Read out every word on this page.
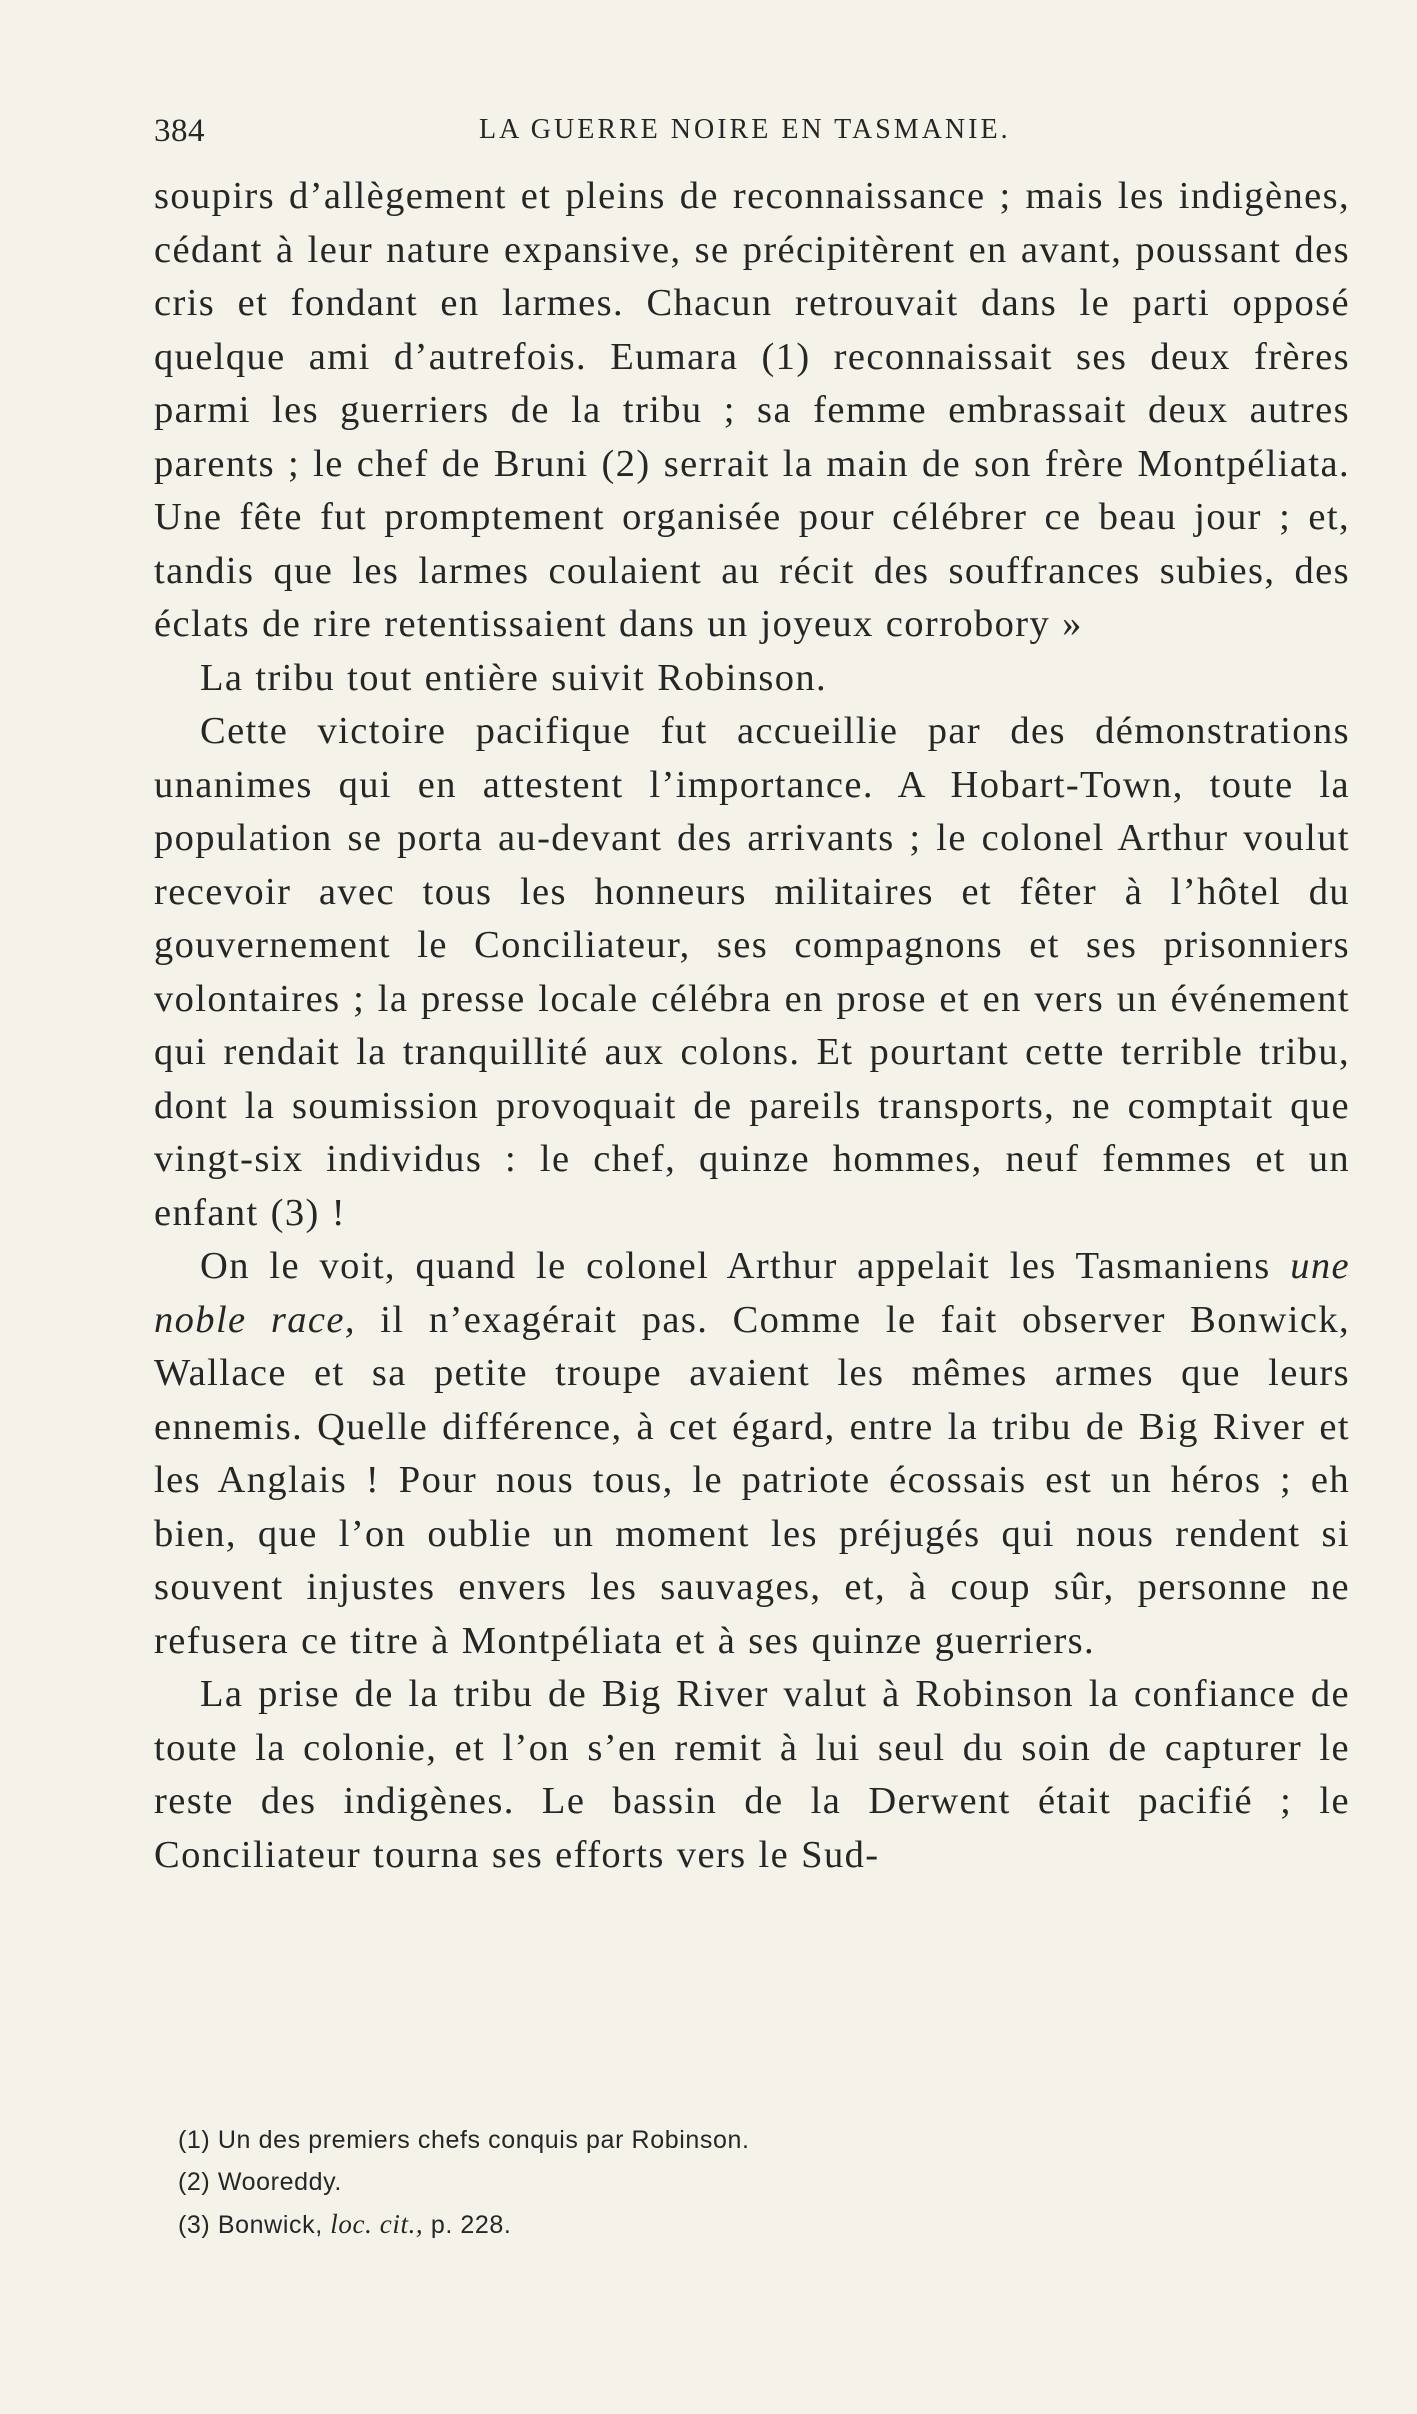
384	LA GUERRE NOIRE EN TASMANIE.

soupirs d’allègement et pleins de reconnaissance ; mais les indigènes, cédant à leur nature expansive, se précipitèrent en avant, poussant des cris et fondant en larmes. Chacun retrouvait dans le parti opposé quelque ami d’autrefois. Eumara (1) reconnaissait ses deux frères parmi les guerriers de la tribu ; sa femme embrassait deux autres parents ; le chef de Bruni (2) serrait la main de son frère Montpéliata. Une fête fut promptement organisée pour célébrer ce beau jour ; et, tandis que les larmes coulaient au récit des souffrances subies, des éclats de rire retentissaient dans un joyeux corrobory »

La tribu tout entière suivit Robinson.

Cette victoire pacifique fut accueillie par des démonstrations unanimes qui en attestent l’importance. A Hobart-Town, toute la population se porta au-devant des arrivants ; le colonel Arthur voulut recevoir avec tous les honneurs militaires et fêter à l’hôtel du gouvernement le Conciliateur, ses compagnons et ses prisonniers volontaires ; la presse locale célébra en prose et en vers un événement qui rendait la tranquillité aux colons. Et pourtant cette terrible tribu, dont la soumission provoquait de pareils transports, ne comptait que vingt-six individus : le chef, quinze hommes, neuf femmes et un enfant (3) !

On le voit, quand le colonel Arthur appelait les Tasmaniens une noble race, il n’exagérait pas. Comme le fait observer Bonwick, Wallace et sa petite troupe avaient les mêmes armes que leurs ennemis. Quelle différence, à cet égard, entre la tribu de Big River et les Anglais ! Pour nous tous, le patriote écossais est un héros ; eh bien, que l’on oublie un moment les préjugés qui nous rendent si souvent injustes envers les sauvages, et, à coup sûr, personne ne refusera ce titre à Montpéliata et à ses quinze guerriers.

La prise de la tribu de Big River valut à Robinson la confiance de toute la colonie, et l’on s’en remit à lui seul du soin de capturer le reste des indigènes. Le bassin de la Derwent était pacifié ; le Conciliateur tourna ses efforts vers le Sud-

(1) Un des premiers chefs conquis par Robinson.

(2) Wooreddy.

(3) Bonwick, loc. cit., p. 228.
